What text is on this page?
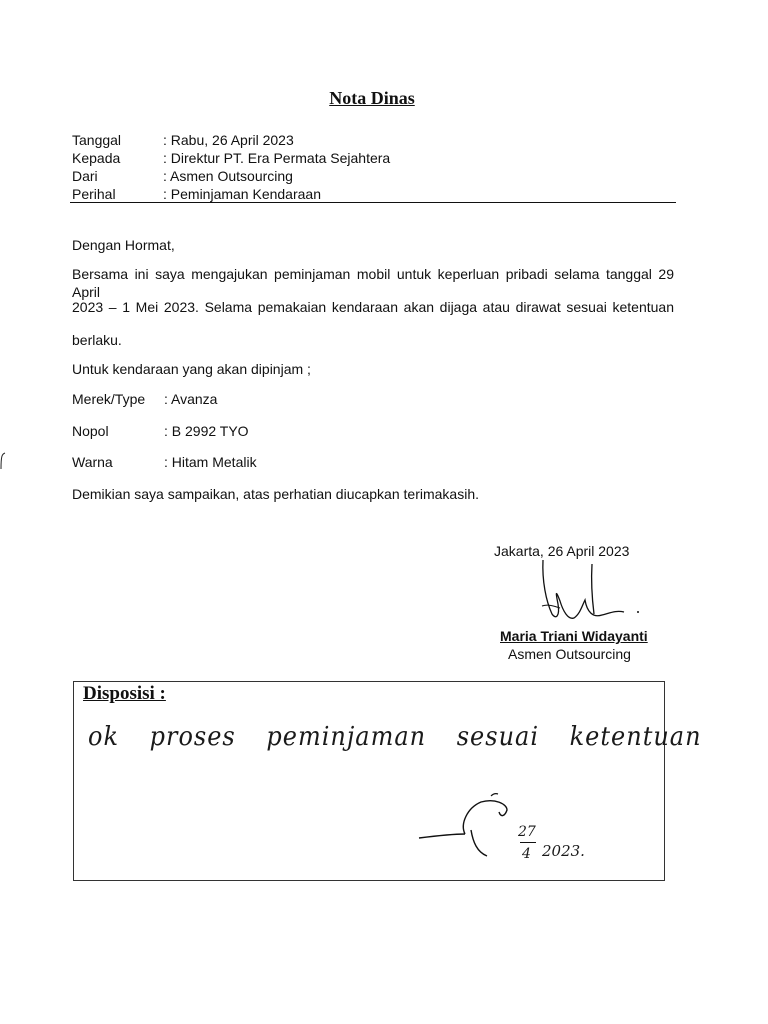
Nota Dinas
Tanggal	: Rabu, 26 April 2023
Kepada	: Direktur PT. Era Permata Sejahtera
Dari	: Asmen Outsourcing
Perihal	: Peminjaman Kendaraan
Dengan Hormat,
Bersama ini saya mengajukan peminjaman mobil untuk keperluan pribadi selama tanggal 29 April
2023 – 1 Mei 2023. Selama pemakaian kendaraan akan dijaga atau dirawat sesuai ketentuan
berlaku.
Untuk kendaraan yang akan dipinjam ;
Merek/Type : Avanza
Nopol	: B 2992 TYO
Warna	: Hitam Metalik
Demikian saya sampaikan, atas perhatian diucapkan terimakasih.
Jakarta, 26 April 2023
Maria Triani Widayanti
Asmen Outsourcing
Disposisi :
ok proses peminjaman sesuai ketentuan
27
4 2023.
